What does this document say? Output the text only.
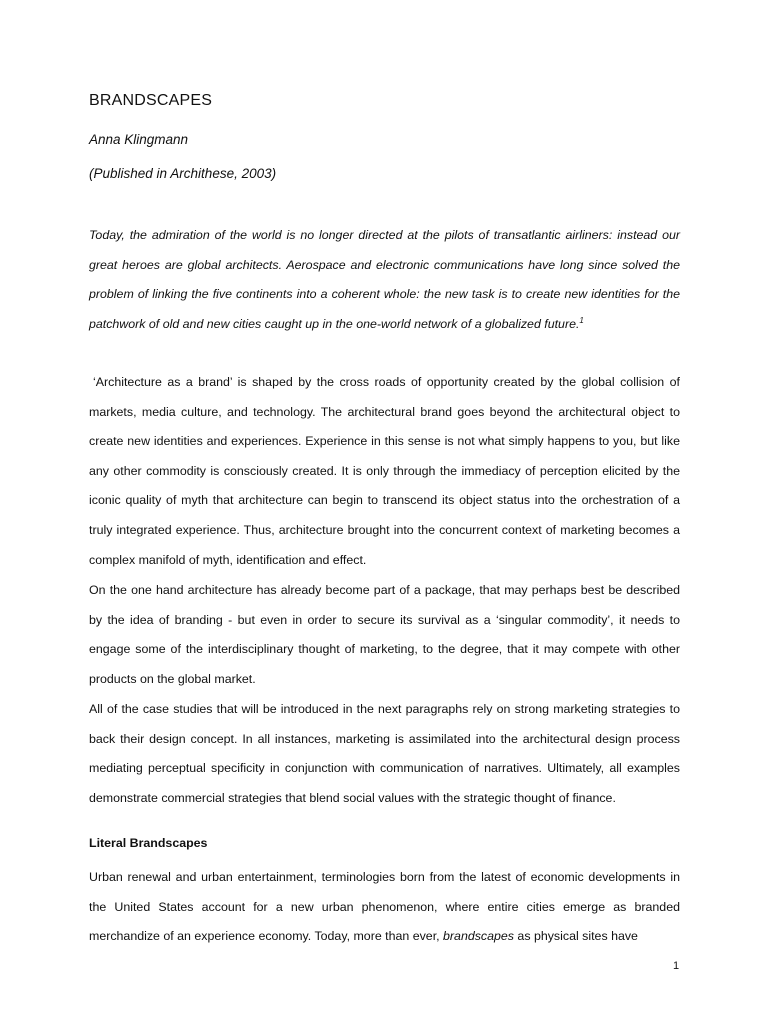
BRANDSCAPES
Anna Klingmann
(Published in Archithese, 2003)
Today, the admiration of the world is no longer directed at the pilots of transatlantic airliners: instead our great heroes are global architects. Aerospace and electronic communications have long since solved the problem of linking the five continents into a coherent whole: the new task is to create new identities for the patchwork of old and new cities caught up in the one-world network of a globalized future.$^1$
‘Architecture as a brand’ is shaped by the cross roads of opportunity created by the global collision of markets, media culture, and technology. The architectural brand goes beyond the architectural object to create new identities and experiences. Experience in this sense is not what simply happens to you, but like any other commodity is consciously created. It is only through the immediacy of perception elicited by the iconic quality of myth that architecture can begin to transcend its object status into the orchestration of a truly integrated experience. Thus, architecture brought into the concurrent context of marketing becomes a complex manifold of myth, identification and effect.
On the one hand architecture has already become part of a package, that may perhaps best be described by the idea of branding - but even in order to secure its survival as a ‘singular commodity’, it needs to engage some of the interdisciplinary thought of marketing, to the degree, that it may compete with other products on the global market.
All of the case studies that will be introduced in the next paragraphs rely on strong marketing strategies to back their design concept. In all instances, marketing is assimilated into the architectural design process mediating perceptual specificity in conjunction with communication of narratives. Ultimately, all examples demonstrate commercial strategies that blend social values with the strategic thought of finance.
Literal Brandscapes
Urban renewal and urban entertainment, terminologies born from the latest of economic developments in the United States account for a new urban phenomenon, where entire cities emerge as branded merchandize of an experience economy. Today, more than ever, brandscapes as physical sites have
1
